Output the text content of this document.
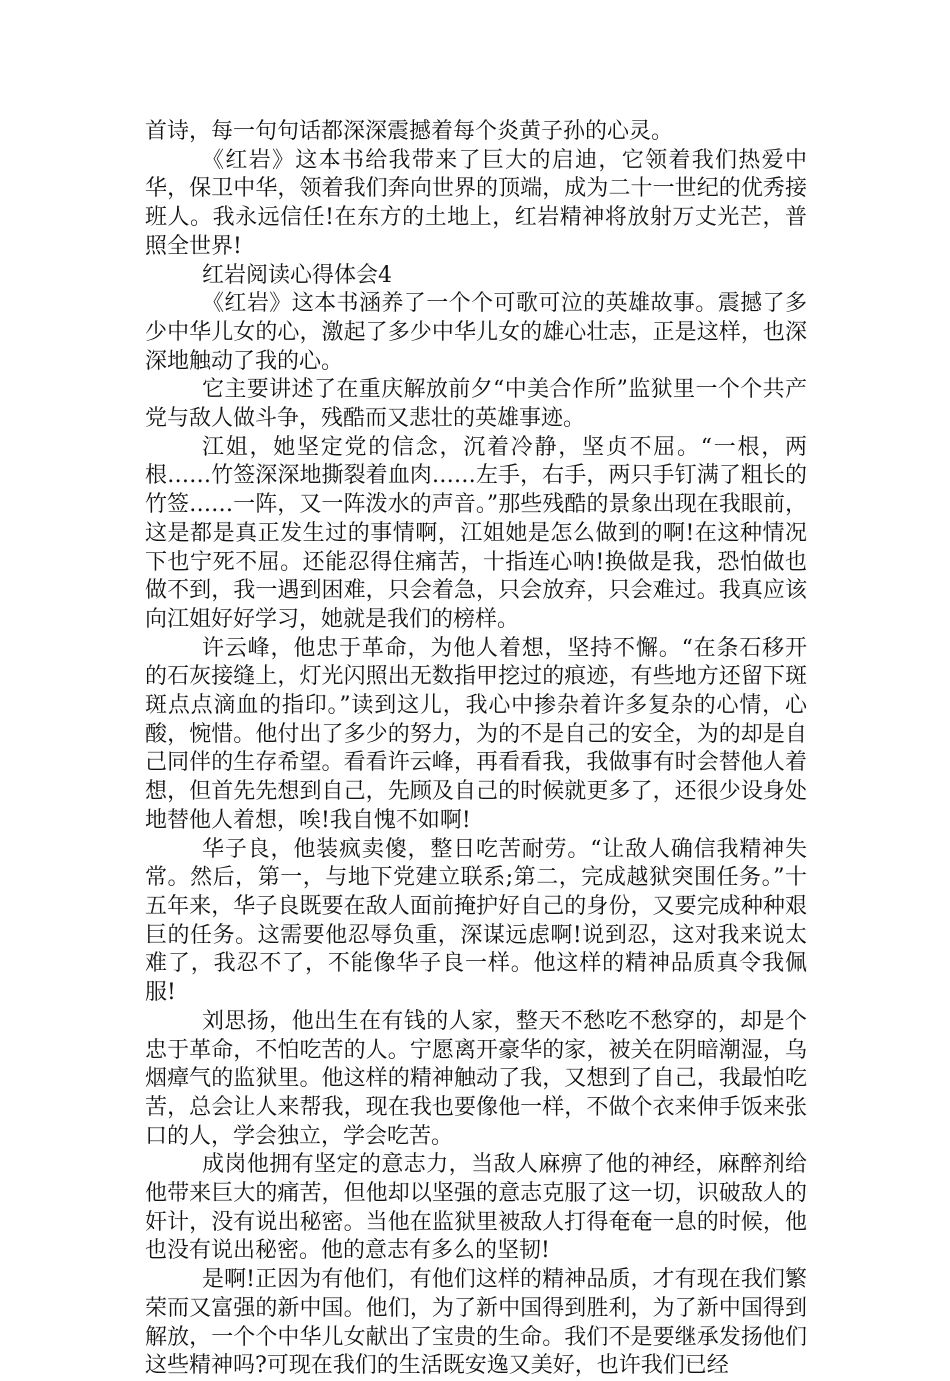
首诗，每一句句话都深深震撼着每个炎黄子孙的心灵。

《红岩》这本书给我带来了巨大的启迪，它领着我们热爱中华，保卫中华，领着我们奔向世界的顶端，成为二十一世纪的优秀接班人。我永远信任!在东方的土地上，红岩精神将放射万丈光芒，普照全世界!

红岩阅读心得体会4

《红岩》这本书涵养了一个个可歌可泣的英雄故事。震撼了多少中华儿女的心，激起了多少中华儿女的雄心壮志，正是这样，也深深地触动了我的心。

它主要讲述了在重庆解放前夕“中美合作所”监狱里一个个共产党与敌人做斗争，残酷而又悲壮的英雄事迹。

江姐，她坚定党的信念，沉着冷静，坚贞不屈。“一根，两根……竹签深深地撕裂着血肉……左手，右手，两只手钉满了粗长的竹签……一阵，又一阵泼水的声音。”那些残酷的景象出现在我眼前，这是都是真正发生过的事情啊，江姐她是怎么做到的啊!在这种情况下也宁死不屈。还能忍得住痛苦，十指连心呐!换做是我，恐怕做也做不到，我一遇到困难，只会着急，只会放弃，只会难过。我真应该向江姐好好学习，她就是我们的榜样。

许云峰，他忠于革命，为他人着想，坚持不懈。“在条石移开的石灰接缝上，灯光闪照出无数指甲挖过的痕迹，有些地方还留下斑斑点点滴血的指印。”读到这儿，我心中掺杂着许多复杂的心情，心酸，惋惜。他付出了多少的努力，为的不是自己的安全，为的却是自己同伴的生存希望。看看许云峰，再看看我，我做事有时会替他人着想，但首先先想到自己，先顾及自己的时候就更多了，还很少设身处地替他人着想，唉!我自愧不如啊!

华子良，他装疯卖傻，整日吃苦耐劳。“让敌人确信我精神失常。然后，第一，与地下党建立联系;第二，完成越狱突围任务。”十五年来，华子良既要在敌人面前掩护好自己的身份，又要完成种种艰巨的任务。这需要他忍辱负重，深谋远虑啊!说到忍，这对我来说太难了，我忍不了，不能像华子良一样。他这样的精神品质真令我佩服!

刘思扬，他出生在有钱的人家，整天不愁吃不愁穿的，却是个忠于革命，不怕吃苦的人。宁愿离开豪华的家，被关在阴暗潮湿，乌烟瘴气的监狱里。他这样的精神触动了我，又想到了自己，我最怕吃苦，总会让人来帮我，现在我也要像他一样，不做个衣来伸手饭来张口的人，学会独立，学会吃苦。

成岗他拥有坚定的意志力，当敌人麻痹了他的神经，麻醉剂给他带来巨大的痛苦，但他却以坚强的意志克服了这一切，识破敌人的奸计，没有说出秘密。当他在监狱里被敌人打得奄奄一息的时候，他也没有说出秘密。他的意志有多么的坚韧!

是啊!正因为有他们，有他们这样的精神品质，才有现在我们繁荣而又富强的新中国。他们，为了新中国得到胜利，为了新中国得到解放，一个个中华儿女献出了宝贵的生命。我们不是要继承发扬他们这些精神吗?可现在我们的生活既安逸又美好，也许我们已经
